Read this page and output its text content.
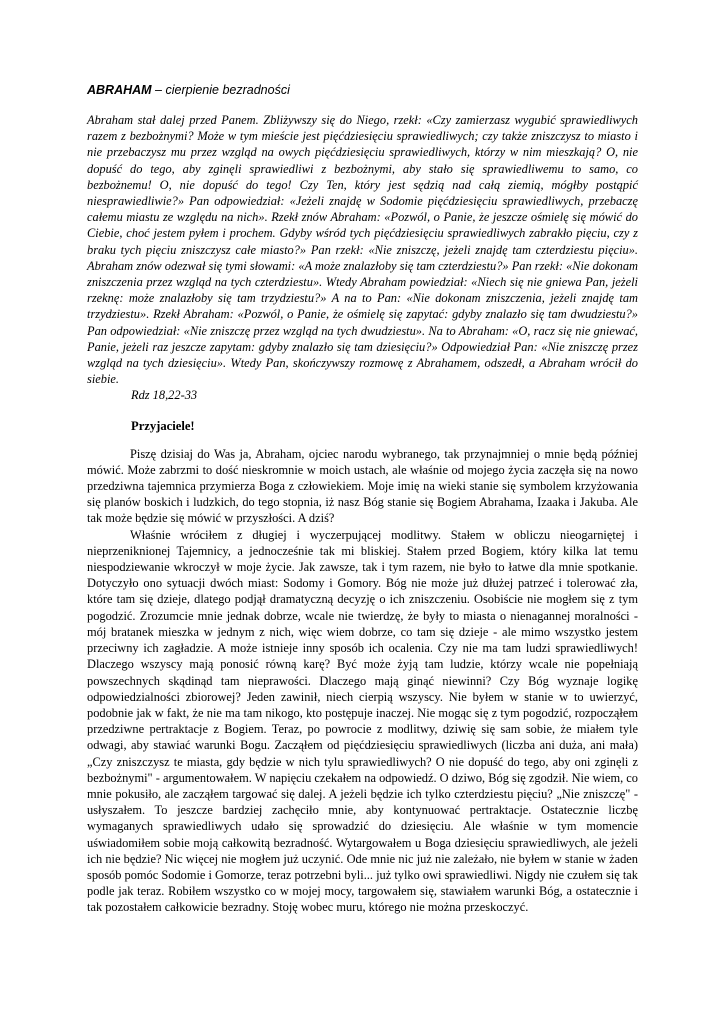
ABRAHAM – cierpienie bezradności

Abraham stał dalej przed Panem. Zbliżywszy się do Niego, rzekł: «Czy zamierzasz wygubić sprawiedliwych razem z bezbożnymi? Może w tym mieście jest pięćdziesięciu sprawiedliwych; czy także zniszczysz to miasto i nie przebaczysz mu przez wzgląd na owych pięćdziesięciu sprawiedliwych, którzy w nim mieszkają? O, nie dopuść do tego, aby zginęli sprawiedliwi z bezbożnymi, aby stało się sprawiedliwemu to samo, co bezbożnemu! O, nie dopuść do tego! Czy Ten, który jest sędzią nad całą ziemią, mógłby postąpić niesprawiedliwie?» Pan odpowiedział: «Jeżeli znajdę w Sodomie pięćdziesięciu sprawiedliwych, przebaczę całemu miastu ze względu na nich». Rzekł znów Abraham: «Pozwól, o Panie, że jeszcze ośmielę się mówić do Ciebie, choć jestem pyłem i prochem. Gdyby wśród tych pięćdziesięciu sprawiedliwych zabrakło pięciu, czy z braku tych pięciu zniszczysz całe miasto?» Pan rzekł: «Nie zniszczę, jeżeli znajdę tam czterdziestu pięciu». Abraham znów odezwał się tymi słowami: «A może znalazłoby się tam czterdziestu?» Pan rzekł: «Nie dokonam zniszczenia przez wzgląd na tych czterdziestu». Wtedy Abraham powiedział: «Niech się nie gniewa Pan, jeżeli rzeknę: może znalazłoby się tam trzydziestu?» A na to Pan: «Nie dokonam zniszczenia, jeżeli znajdę tam trzydziestu». Rzekł Abraham: «Pozwól, o Panie, że ośmielę się zapytać: gdyby znalazło się tam dwudziestu?» Pan odpowiedział: «Nie zniszczę przez wzgląd na tych dwudziestu». Na to Abraham: «O, racz się nie gniewać, Panie, jeżeli raz jeszcze zapytam: gdyby znalazło się tam dziesięciu?» Odpowiedział Pan: «Nie zniszczę przez wzgląd na tych dziesięciu». Wtedy Pan, skończywszy rozmowę z Abrahamem, odszedł, a Abraham wrócił do siebie.

Rdz 18,22-33

Przyjaciele!

Piszę dzisiaj do Was ja, Abraham, ojciec narodu wybranego, tak przynajmniej o mnie będą później mówić. Może zabrzmi to dość nieskromnie w moich ustach, ale właśnie od mojego życia zaczęła się na nowo przedziwna tajemnica przymierza Boga z człowiekiem. Moje imię na wieki stanie się symbolem krzyżowania się planów boskich i ludzkich, do tego stopnia, iż nasz Bóg stanie się Bogiem Abrahama, Izaaka i Jakuba. Ale tak może będzie się mówić w przyszłości. A dziś?

Właśnie wróciłem z długiej i wyczerpującej modlitwy. Stałem w obliczu nieogarniętej i nieprzeniknionej Tajemnicy, a jednocześnie tak mi bliskiej. Stałem przed Bogiem, który kilka lat temu niespodziewanie wkroczył w moje życie. Jak zawsze, tak i tym razem, nie było to łatwe dla mnie spotkanie. Dotyczyło ono sytuacji dwóch miast: Sodomy i Gomory. Bóg nie może już dłużej patrzeć i tolerować zła, które tam się dzieje, dlatego podjął dramatyczną decyzję o ich zniszczeniu. Osobiście nie mogłem się z tym pogodzić. Zrozumcie mnie jednak dobrze, wcale nie twierdzę, że były to miasta o nienagannej moralności - mój bratanek mieszka w jednym z nich, więc wiem dobrze, co tam się dzieje - ale mimo wszystko jestem przeciwny ich zagładzie. A może istnieje inny sposób ich ocalenia. Czy nie ma tam ludzi sprawiedliwych! Dlaczego wszyscy mają ponosić równą karę? Być może żyją tam ludzie, którzy wcale nie popełniają powszechnych skądinąd tam nieprawości. Dlaczego mają ginąć niewinni? Czy Bóg wyznaje logikę odpowiedzialności zbiorowej? Jeden zawinił, niech cierpią wszyscy. Nie byłem w stanie w to uwierzyć, podobnie jak w fakt, że nie ma tam nikogo, kto postępuje inaczej. Nie mogąc się z tym pogodzić, rozpocząłem przedziwne pertraktacje z Bogiem. Teraz, po powrocie z modlitwy, dziwię się sam sobie, że miałem tyle odwagi, aby stawiać warunki Bogu. Zacząłem od pięćdziesięciu sprawiedliwych (liczba ani duża, ani mała) „Czy zniszczysz te miasta, gdy będzie w nich tylu sprawiedliwych? O nie dopuść do tego, aby oni zginęli z bezbożnymi" - argumentowałem. W napięciu czekałem na odpowiedź. O dziwo, Bóg się zgodził. Nie wiem, co mnie pokusiło, ale zacząłem targować się dalej. A jeżeli będzie ich tylko czterdziestu pięciu? „Nie zniszczę" - usłyszałem. To jeszcze bardziej zachęciło mnie, aby kontynuować pertraktacje. Ostatecznie liczbę wymaganych sprawiedliwych udało się sprowadzić do dziesięciu. Ale właśnie w tym momencie uświadomiłem sobie moją całkowitą bezradność. Wytargowałem u Boga dziesięciu sprawiedliwych, ale jeżeli ich nie będzie? Nic więcej nie mogłem już uczynić. Ode mnie nic już nie zależało, nie byłem w stanie w żaden sposób pomóc Sodomie i Gomorze, teraz potrzebni byli... już tylko owi sprawiedliwi. Nigdy nie czułem się tak podle jak teraz. Robiłem wszystko co w mojej mocy, targowałem się, stawiałem warunki Bóg, a ostatecznie i tak pozostałem całkowicie bezradny. Stoję wobec muru, którego nie można przeskoczyć.
